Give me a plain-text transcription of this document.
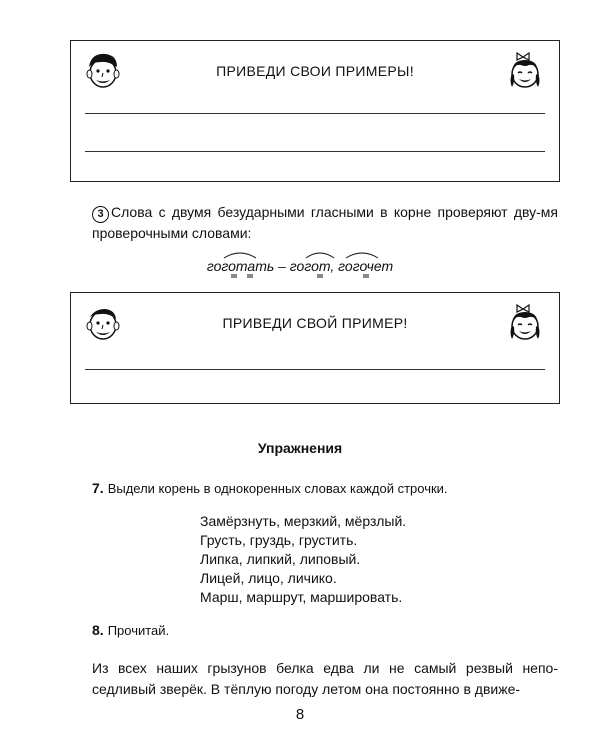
ПРИВЕДИ СВОИ ПРИМЕРЫ!
3 Слова с двумя безударными гласными в корне проверяют дву-мя проверочными словами:
гоготать – гогот, гогочет
ПРИВЕДИ СВОЙ ПРИМЕР!
Упражнения
7. Выдели корень в однокоренных словах каждой строчки.
Замёрзнуть, мерзкий, мёрзлый.
Грусть, груздь, грустить.
Липка, липкий, липовый.
Лицей, лицо, личико.
Марш, маршрут, маршировать.
8. Прочитай.
Из всех наших грызунов белка едва ли не самый резвый непо-седливый зверёк. В тёплую погоду летом она постоянно в движе-
8
